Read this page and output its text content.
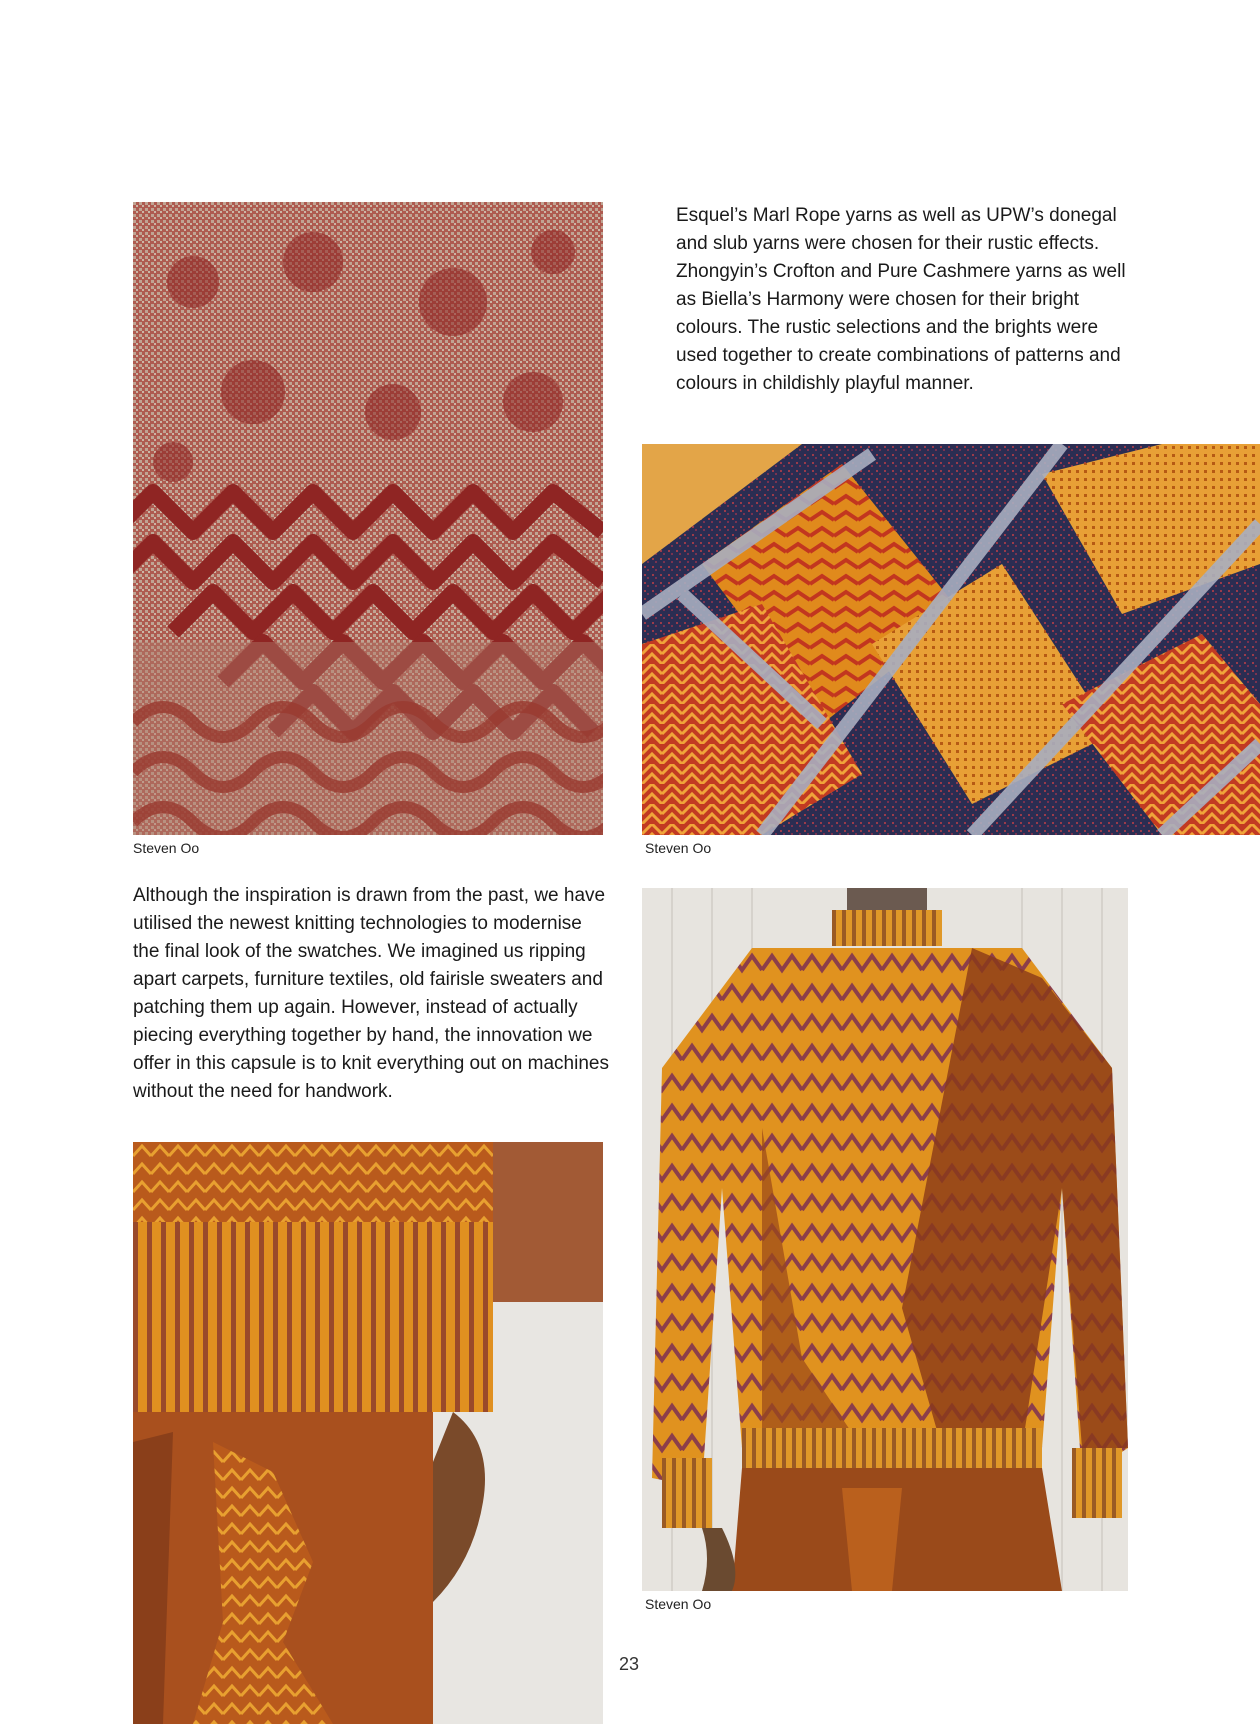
Steven Oo

Esquel’s Marl Rope yarns as well as UPW’s donegal and slub yarns were chosen for their rustic effects. Zhongyin’s Crofton and Pure Cashmere yarns as well as Biella’s Harmony were chosen for their bright colours. The rustic selections and the brights were used together to create combinations of patterns and colours in childishly playful manner.

Steven Oo

Although the inspiration is drawn from the past, we have utilised the newest knitting technologies to modernise the final look of the swatches. We imagined us ripping apart carpets, furniture textiles, old fairisle sweaters and patching them up again. However, instead of actually piecing everything together by hand, the innovation we offer in this capsule is to knit everything out on machines without the need for handwork.

Steven Oo
23
